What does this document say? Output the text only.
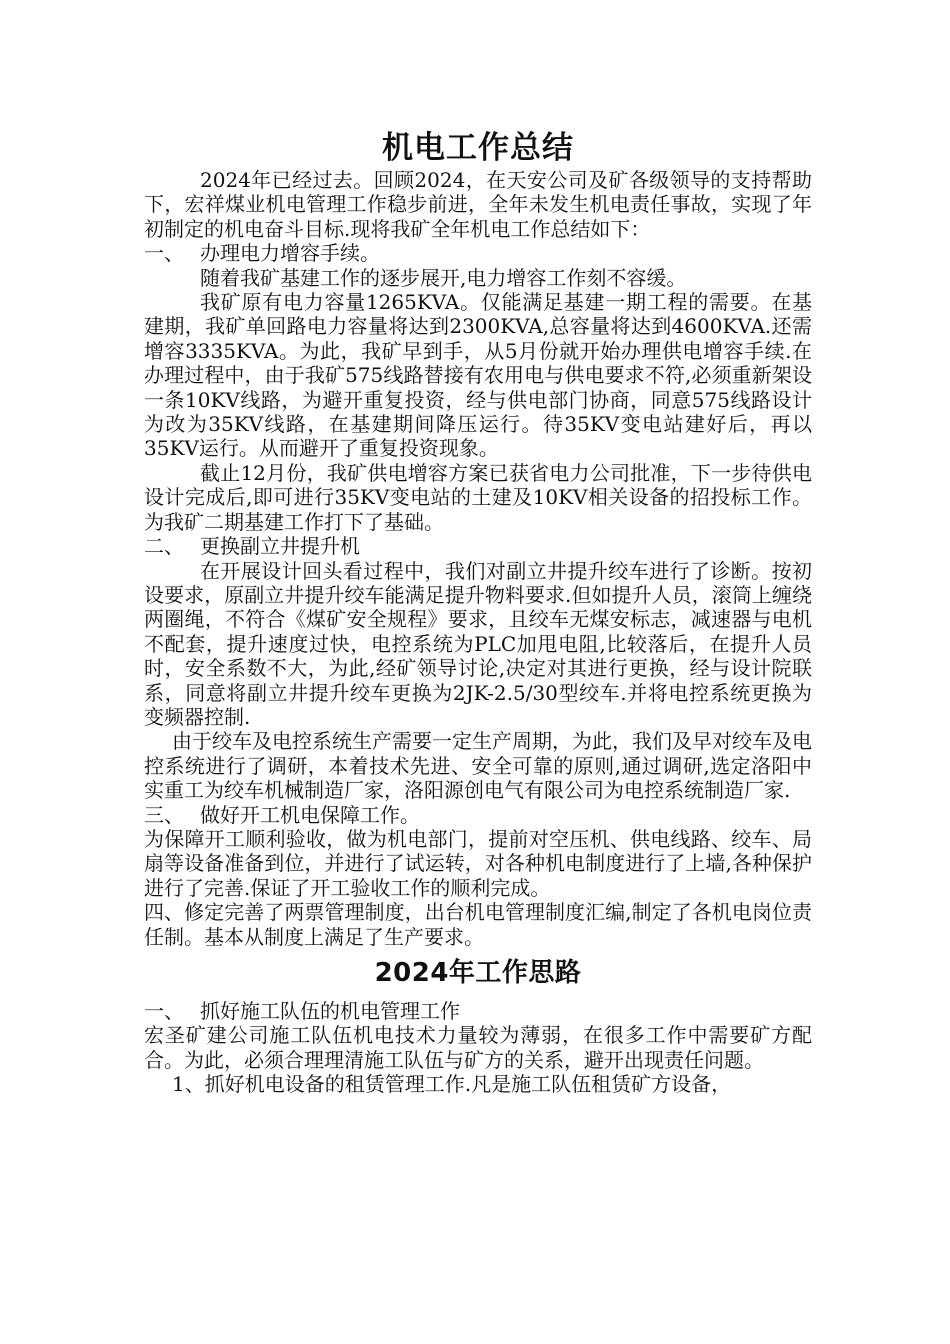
机电工作总结

2024年已经过去。回顾2024，在天安公司及矿各级领导的支持帮助下，宏祥煤业机电管理工作稳步前进，全年未发生机电责任事故，实现了年初制定的机电奋斗目标.现将我矿全年机电工作总结如下：

一、 办理电力增容手续。

随着我矿基建工作的逐步展开,电力增容工作刻不容缓。

我矿原有电力容量1265KVA。仅能满足基建一期工程的需要。在基建期，我矿单回路电力容量将达到2300KVA,总容量将达到4600KVA.还需增容3335KVA。为此，我矿早到手，从5月份就开始办理供电增容手续.在办理过程中，由于我矿575线路替接有农用电与供电要求不符,必须重新架设一条10KV线路，为避开重复投资，经与供电部门协商，同意575线路设计为改为35KV线路，在基建期间降压运行。待35KV变电站建好后，再以35KV运行。从而避开了重复投资现象。

截止12月份，我矿供电增容方案已获省电力公司批准，下一步待供电设计完成后,即可进行35KV变电站的土建及10KV相关设备的招投标工作。为我矿二期基建工作打下了基础。

二、 更换副立井提升机

在开展设计回头看过程中，我们对副立井提升绞车进行了诊断。按初设要求，原副立井提升绞车能满足提升物料要求.但如提升人员，滚筒上缠绕两圈绳，不符合《煤矿安全规程》要求，且绞车无煤安标志，减速器与电机不配套，提升速度过快，电控系统为PLC加甩电阻,比较落后，在提升人员时，安全系数不大，为此,经矿领导讨论,决定对其进行更换，经与设计院联系，同意将副立井提升绞车更换为2JK-2.5/30型绞车.并将电控系统更换为变频器控制.

由于绞车及电控系统生产需要一定生产周期，为此，我们及早对绞车及电控系统进行了调研，本着技术先进、安全可靠的原则,通过调研,选定洛阳中实重工为绞车机械制造厂家，洛阳源创电气有限公司为电控系统制造厂家.

三、 做好开工机电保障工作。

为保障开工顺利验收，做为机电部门，提前对空压机、供电线路、绞车、局扇等设备准备到位，并进行了试运转，对各种机电制度进行了上墙,各种保护进行了完善.保证了开工验收工作的顺利完成。

四、修定完善了两票管理制度，出台机电管理制度汇编,制定了各机电岗位责任制。基本从制度上满足了生产要求。

2024年工作思路

一、 抓好施工队伍的机电管理工作

宏圣矿建公司施工队伍机电技术力量较为薄弱，在很多工作中需要矿方配合。为此，必须合理理清施工队伍与矿方的关系，避开出现责任问题。

1、抓好机电设备的租赁管理工作.凡是施工队伍租赁矿方设备，
